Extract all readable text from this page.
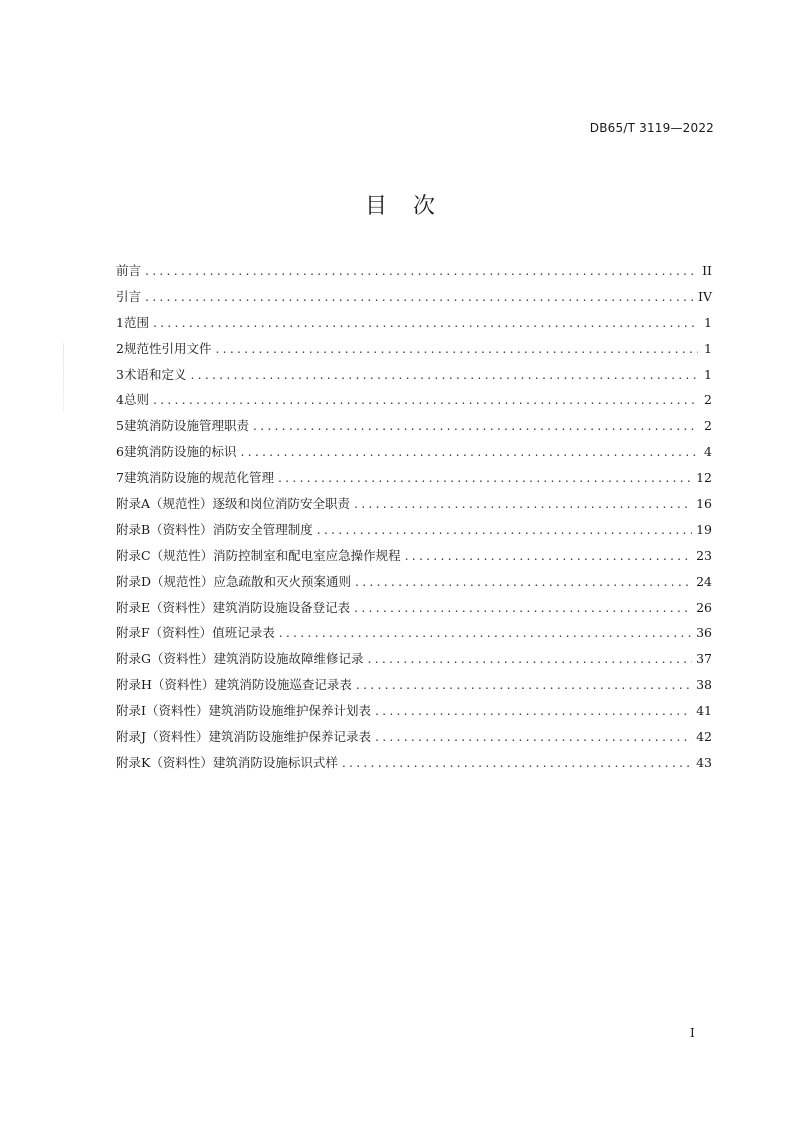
DB65/T 3119—2022
目次
前言 .....	II
引言 .....	IV
1 范围 .....	1
2 规范性引用文件 .....	1
3 术语和定义 .....	1
4 总则 .....	2
5 建筑消防设施管理职责 .....	2
6 建筑消防设施的标识 .....	4
7 建筑消防设施的规范化管理 .....	12
附录A（规范性） 逐级和岗位消防安全职责 .....	16
附录B（资料性） 消防安全管理制度 .....	19
附录C（规范性） 消防控制室和配电室应急操作规程 .....	23
附录D（规范性） 应急疏散和灭火预案通则 .....	24
附录E（资料性） 建筑消防设施设备登记表 .....	26
附录F（资料性） 值班记录表 .....	36
附录G（资料性） 建筑消防设施故障维修记录 .....	37
附录H（资料性） 建筑消防设施巡查记录表 .....	38
附录I（资料性） 建筑消防设施维护保养计划表 .....	41
附录J（资料性） 建筑消防设施维护保养记录表 .....	42
附录K（资料性） 建筑消防设施标识式样 .....	43
I
